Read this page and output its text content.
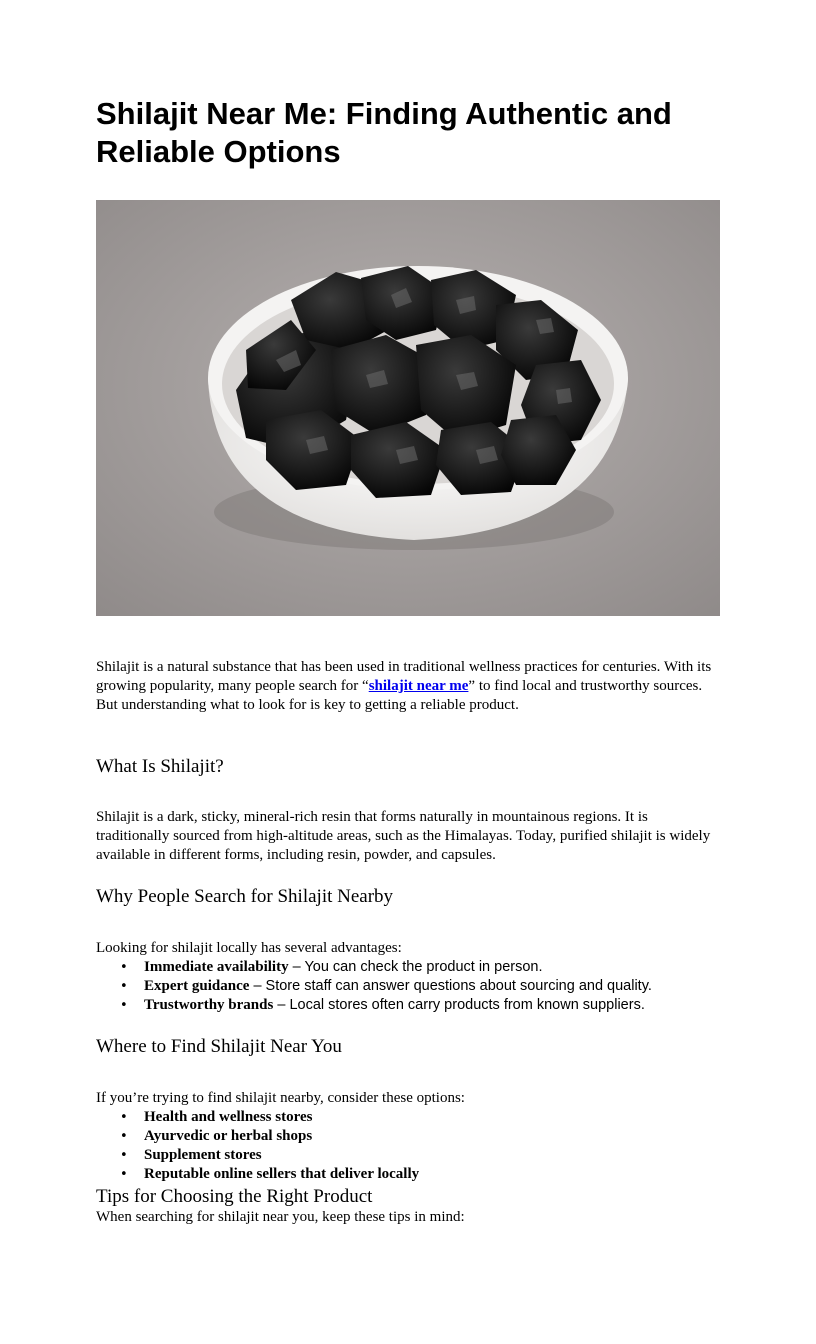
Shilajit Near Me: Finding Authentic and Reliable Options

Shilajit is a natural substance that has been used in traditional wellness practices for centuries. With its growing popularity, many people search for “shilajit near me” to find local and trustworthy sources. But understanding what to look for is key to getting a reliable product.

What Is Shilajit?

Shilajit is a dark, sticky, mineral-rich resin that forms naturally in mountainous regions. It is traditionally sourced from high-altitude areas, such as the Himalayas. Today, purified shilajit is widely available in different forms, including resin, powder, and capsules.

Why People Search for Shilajit Nearby

Looking for shilajit locally has several advantages:

• Immediate availability – You can check the product in person.
• Expert guidance – Store staff can answer questions about sourcing and quality.
• Trustworthy brands – Local stores often carry products from known suppliers.
Where to Find Shilajit Near You

If you’re trying to find shilajit nearby, consider these options:

• Health and wellness stores
• Ayurvedic or herbal shops
• Supplement stores
• Reputable online sellers that deliver locally
Tips for Choosing the Right Product

When searching for shilajit near you, keep these tips in mind:
